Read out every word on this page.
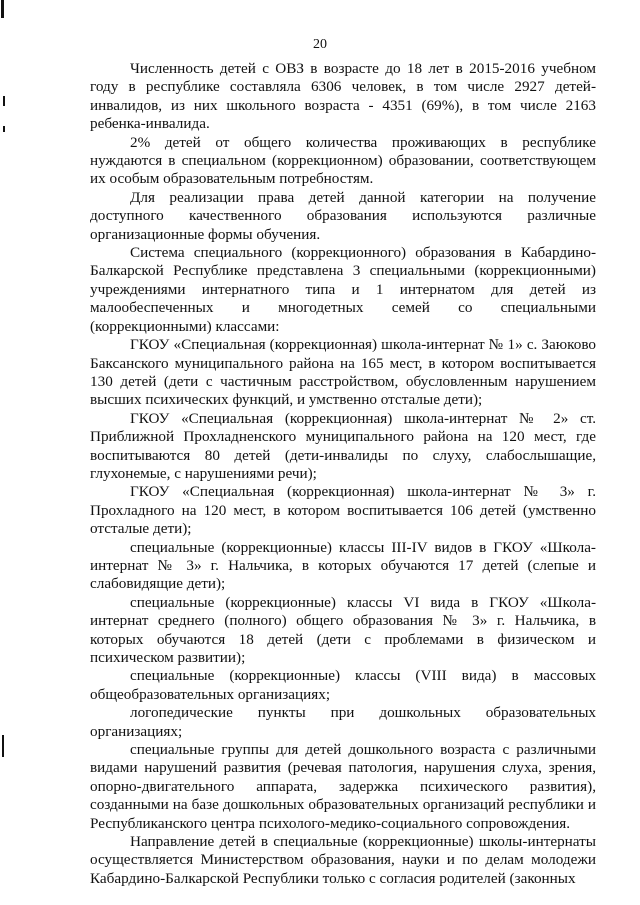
20

Численность детей с ОВЗ в возрасте до 18 лет в 2015-2016 учебном году в республике составляла 6306 человек, в том числе 2927 детей-инвалидов, из них школьного возраста - 4351 (69%), в том числе 2163 ребенка-инвалида.

2% детей от общего количества проживающих в республике нуждаются в специальном (коррекционном) образовании, соответствующем их особым образовательным потребностям.

Для реализации права детей данной категории на получение доступного качественного образования используются различные организационные формы обучения.

Система специального (коррекционного) образования в Кабардино-Балкарской Республике представлена 3 специальными (коррекционными) учреждениями интернатного типа и 1 интернатом для детей из малообеспеченных и многодетных семей со специальными (коррекционными) классами:

ГКОУ «Специальная (коррекционная) школа-интернат № 1» с. Заюково Баксанского муниципального района на 165 мест, в котором воспитывается 130 детей (дети с частичным расстройством, обусловленным нарушением высших психических функций, и умственно отсталые дети);

ГКОУ «Специальная (коррекционная) школа-интернат № 2» ст. Приближной Прохладненского муниципального района на 120 мест, где воспитываются 80 детей (дети-инвалиды по слуху, слабослышащие, глухонемые, с нарушениями речи);

ГКОУ «Специальная (коррекционная) школа-интернат № 3» г. Прохладного на 120 мест, в котором воспитывается 106 детей (умственно отсталые дети);

специальные (коррекционные) классы III-IV видов в ГКОУ «Школа-интернат № 3» г. Нальчика, в которых обучаются 17 детей (слепые и слабовидящие дети);

специальные (коррекционные) классы VI вида в ГКОУ «Школа-интернат среднего (полного) общего образования № 3» г. Нальчика, в которых обучаются 18 детей (дети с проблемами в физическом и психическом развитии);

специальные (коррекционные) классы (VIII вида) в массовых общеобразовательных организациях;

логопедические пункты при дошкольных образовательных организациях;

специальные группы для детей дошкольного возраста с различными видами нарушений развития (речевая патология, нарушения слуха, зрения, опорно-двигательного аппарата, задержка психического развития), созданными на базе дошкольных образовательных организаций республики и Республиканского центра психолого-медико-социального сопровождения.

Направление детей в специальные (коррекционные) школы-интернаты осуществляется Министерством образования, науки и по делам молодежи Кабардино-Балкарской Республики только с согласия родителей (законных
